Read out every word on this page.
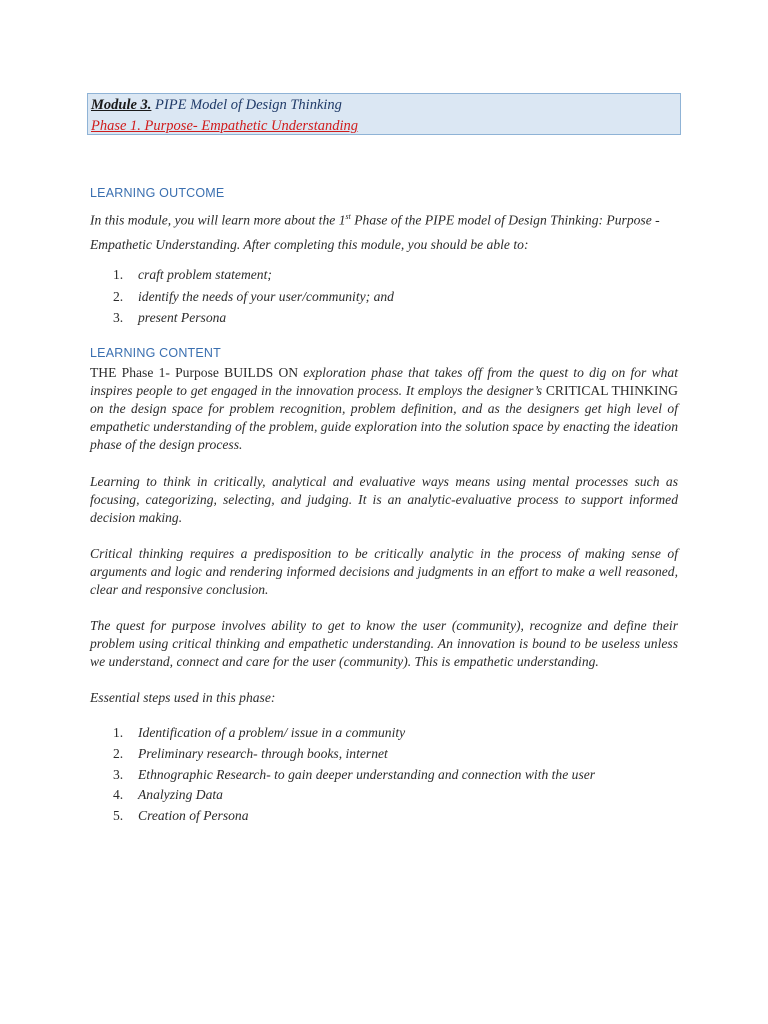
Module 3. PIPE Model of Design Thinking
Phase 1. Purpose- Empathetic Understanding
LEARNING OUTCOME
In this module, you will learn more about the 1st Phase of the PIPE model of Design Thinking: Purpose -
Empathetic Understanding. After completing this module, you should be able to:
1.	craft problem statement;
2.	identify the needs of your user/community; and
3.	present Persona
LEARNING CONTENT
THE Phase 1- Purpose BUILDS ON exploration phase that takes off from the quest to dig on for what inspires people to get engaged in the innovation process. It employs the designer’s CRITICAL THINKING on the design space for problem recognition, problem definition, and as the designers get high level of empathetic understanding of the problem, guide exploration into the solution space by enacting the ideation phase of the design process.
Learning to think in critically, analytical and evaluative ways means using mental processes such as focusing, categorizing, selecting, and judging. It is an analytic-evaluative process to support informed decision making.
Critical thinking requires a predisposition to be critically analytic in the process of making sense of arguments and logic and rendering informed decisions and judgments in an effort to make a well reasoned, clear and responsive conclusion.
The quest for purpose involves ability to get to know the user (community), recognize and define their problem using critical thinking and empathetic understanding. An innovation is bound to be useless unless we understand, connect and care for the user (community). This is empathetic understanding.
Essential steps used in this phase:
1.	Identification of a problem/ issue in a community
2.	Preliminary research- through books, internet
3.	Ethnographic Research- to gain deeper understanding and connection with the user
4.	Analyzing Data
5.	Creation of Persona
